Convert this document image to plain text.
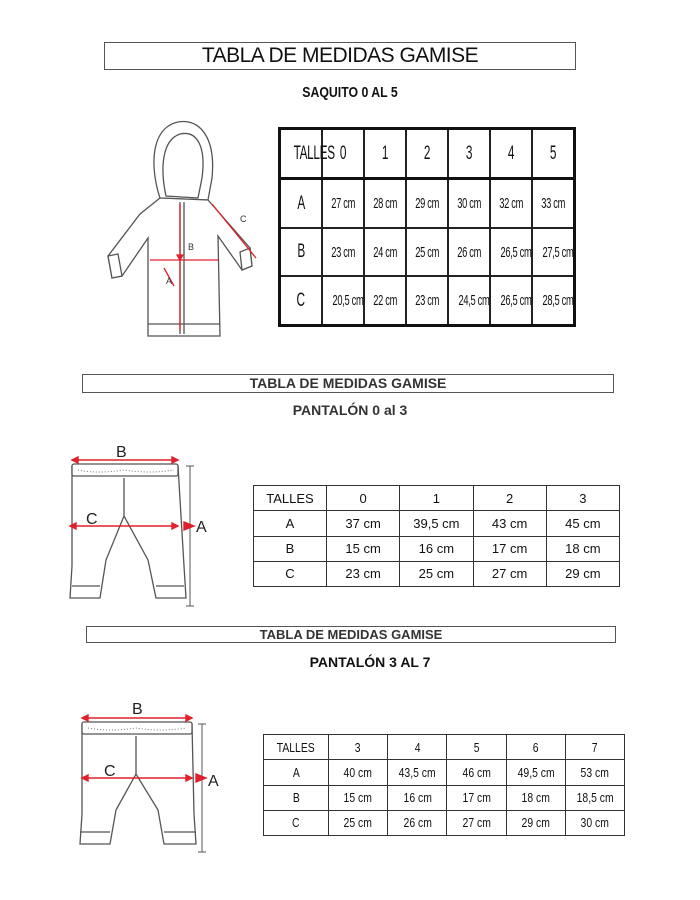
TABLA DE MEDIDAS GAMISE
SAQUITO 0 AL 5
A
B
C
TALLES	0	1	2	3	4	5
A	27 cm	28 cm	29 cm	30 cm	32 cm	33 cm
B	23 cm	24 cm	25 cm	26 cm	26,5 cm	27,5 cm
C	20,5 cm	22 cm	23 cm	24,5 cm	26,5 cm	28,5 cm
TABLA DE MEDIDAS GAMISE
PANTALÓN 0 al 3
B
C	A
TALLES	0	1	2	3
A	37 cm	39,5 cm	43 cm	45 cm
B	15 cm	16 cm	17 cm	18 cm
C	23 cm	25 cm	27 cm	29 cm
TABLA DE MEDIDAS GAMISE
PANTALÓN 3 AL 7
B
C
A
TALLES	3	4	5	6	7
A	40 cm	43,5 cm	46 cm	49,5 cm	53 cm
B	15 cm	16 cm	17 cm	18 cm	18,5 cm
C	25 cm	26 cm	27 cm	29 cm	30 cm
